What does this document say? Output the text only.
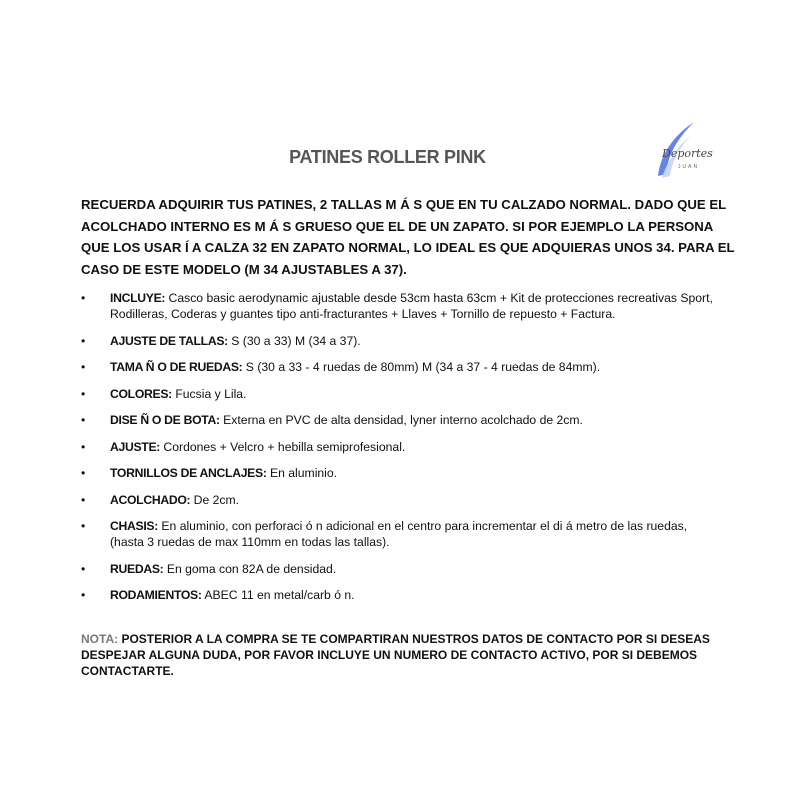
PATINES ROLLER PINK	Deportes
JUAN
RECUERDA ADQUIRIR TUS PATINES, 2 TALLAS M Á S QUE EN TU CALZADO NORMAL. DADO QUE EL ACOLCHADO INTERNO ES M Á S GRUESO QUE EL DE UN ZAPATO. SI POR EJEMPLO LA PERSONA QUE LOS USAR Í A CALZA 32 EN ZAPATO NORMAL, LO IDEAL ES QUE ADQUIERAS UNOS 34. PARA EL CASO DE ESTE MODELO (M 34 AJUSTABLES A 37).
• INCLUYE: Casco basic aerodynamic ajustable desde 53cm hasta 63cm + Kit de protecciones recreativas Sport, Rodilleras, Coderas y guantes tipo anti-fracturantes + Llaves + Tornillo de repuesto + Factura.
• AJUSTE DE TALLAS: S (30 a 33) M (34 a 37).
• TAMA Ñ O DE RUEDAS: S (30 a 33 - 4 ruedas de 80mm) M (34 a 37 - 4 ruedas de 84mm).
• COLORES: Fucsia y Lila.
• DISE Ñ O DE BOTA: Externa en PVC de alta densidad, lyner interno acolchado de 2cm.
• AJUSTE: Cordones + Velcro + hebilla semiprofesional.
• TORNILLOS DE ANCLAJES: En aluminio.
• ACOLCHADO: De 2cm.
• CHASIS: En aluminio, con perforaci ó n adicional en el centro para incrementar el di á metro de las ruedas, (hasta 3 ruedas de max 110mm en todas las tallas).
• RUEDAS: En goma con 82A de densidad.
• RODAMIENTOS: ABEC 11 en metal/carb ó n.
NOTA: POSTERIOR A LA COMPRA SE TE COMPARTIRAN NUESTROS DATOS DE CONTACTO POR SI DESEAS DESPEJAR ALGUNA DUDA, POR FAVOR INCLUYE UN NUMERO DE CONTACTO ACTIVO, POR SI DEBEMOS CONTACTARTE.
